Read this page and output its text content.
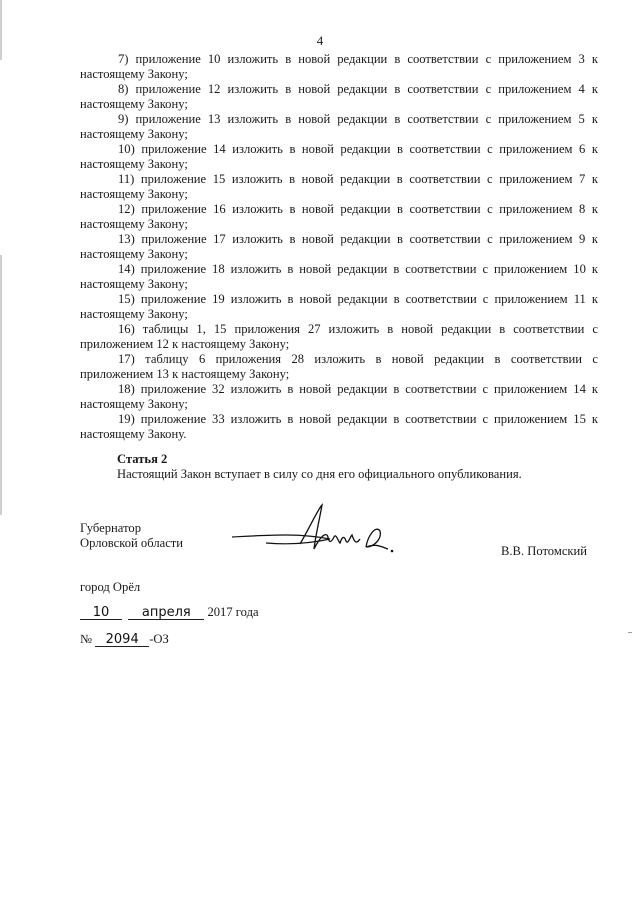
4
7) приложение 10 изложить в новой редакции в соответствии с приложением 3 к
настоящему Закону;
8) приложение 12 изложить в новой редакции в соответствии с приложением 4 к
настоящему Закону;
9) приложение 13 изложить в новой редакции в соответствии с приложением 5 к
настоящему Закону;
10) приложение 14 изложить в новой редакции в соответствии с приложением 6 к
настоящему Закону;
11) приложение 15 изложить в новой редакции в соответствии с приложением 7 к
настоящему Закону;
12) приложение 16 изложить в новой редакции в соответствии с приложением 8 к
настоящему Закону;
13) приложение 17 изложить в новой редакции в соответствии с приложением 9 к
настоящему Закону;
14) приложение 18 изложить в новой редакции в соответствии с приложением 10 к
настоящему Закону;
15) приложение 19 изложить в новой редакции в соответствии с приложением 11 к
настоящему Закону;
16) таблицы 1, 15 приложения 27 изложить в новой редакции в соответствии с
приложением 12 к настоящему Закону;
17) таблицу 6 приложения 28 изложить в новой редакции в соответствии с
приложением 13 к настоящему Закону;
18) приложение 32 изложить в новой редакции в соответствии с приложением 14 к
настоящему Закону;
19) приложение 33 изложить в новой редакции в соответствии с приложением 15 к
настоящему Закону.
Статья 2
Настоящий Закон вступает в силу со дня его официального опубликования.
Губернатор
Орловской области
В.В. Потомский
город Орёл
10	апреля 2017 года
№ 2094 -ОЗ
